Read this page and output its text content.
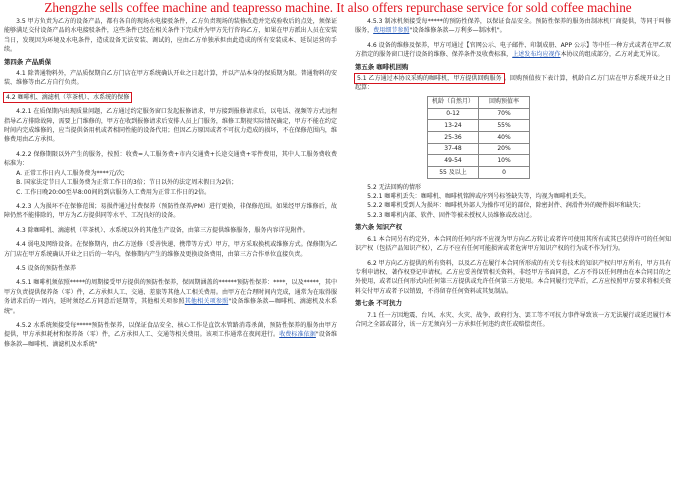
Zhengzhe sells coffee machine and teapresso machine. It also offers repurchase service for sold coffee machine

3.5 甲方负责为乙方的设备产品，都有各自的现场水电接驳条件，乙方负责现场的装修改造并完成验收后的点处，须保证能够满足交付设备产品的水电接驳条件，这些条件已经在相关条件下完成并为甲方先行咨询乙方，如果在甲方派出人员在安装当日，发现因为环境及水电条件，造成设备无法安装、调试的，应由乙方单独承担由此造成的所有安装成本、延误运营的手续。

第四条 产品质保

4.1 除普通物料外，产品质保期自乙方门店在甲方系统确认开业之日起计算，并以产品本身的保质期为限。普通物料的安装、维修等由乙方自行负责。

4.2 咖啡机、滴滤机（萃茶机）、水系统的保修

4.2.1 在质保期内出现质量问题，乙方通过约定服务窗口发起报修请求，甲方接到报修请求后，以电话、视频等方式远程指导乙方排除故障，需要上门维修的，甲方在收到报修请求后安排人员上门服务，维修工期视实际情况确定，甲方不能在约定时间内完成维修的，应当提供备用机或者相同性能的设备代用；但因乙方原因或者不可抗力造成的损坏，不在保修范围内，维修费用由乙方承担。

4.2.2 保修期限以外产生的服务，按照：收费=人工服务费+市内交通费+长途交通费+零件费用，其中人工服务费收费标准为：

A. 正常工作日内人工服务费为****元/次;

B. 国家法定节日人工服务费为正常工作日的3倍；节日以外的法定周末假日为2倍；

C. 工作日晚20:00至早8:00间的到店服务人工费用为正常工作日的2倍。

4.2.3 人为损坏不在保修范围；易损件通过付费保养（预防性保养/PM）进行更换，非保修范围。如果经甲方维修后，故障仍然不能排除的，甲方为乙方提供同等水平、工况良好的设备。

4.3 除咖啡机、滴滤机（萃茶机）、水系统以外的其他生产设备，由第三方提供维修服务，服务内容详见附件。

4.4 弱电及网络设备。在保修期内，由乙方送修（妥善快递、携带等方式）甲方，甲方采取换机或维修方式。保修期为乙方门店在甲方系统确认开业之日后的一年内，保修期内产生的维修及更换设备费用，由第三方合作单位直接负责。

4.5 设备的预防性保养

4.5.1 咖啡机须依照*****的周期接受甲方提供的预防性保养，保固期涵盖的******预防性保养：****，以及*****，其中甲方负责提供保养备（零）件，乙方承担人工、交通、差旅等其他人工相关费用。由甲方在合理时间内完成，通常为在取得服务请求后的一周内，延时须经乙方同意后延期等，其他相关项参照其他相关项参照"设备维修条款—咖啡机、滴滤机及水系统"。

4.5.2 水系统须接受每*****预防性保养，以保证食品安全、核心工作是直饮水管路消毒杀菌，预防性保养的服务由甲方提供，甲方承担耗材和保养备（零）件，乙方承担人工、交通等相关费用。该项工作通常在夜间进行。收费标准依据"设备维修条款—咖啡机、滴滤机及水系统"

4.5.3 制冰机须接受每*****的预防性保养，以保证食品安全。预防性保养的服务由制冰机厂商提供，等同于叫修服务，费用细节参照"设备维修条款—万利多—制冰机"。

4.6 设备的维修及保养，甲方可通过【官网公示、电子邮件、印制成册、APP 公示】等中任一种方式或者在甲乙双方指定的服务窗口进行设备的维修、保养条件及收费标准，上述发布均应视作本协议的组成部分，乙方对此无异议。

第五条 咖啡机回购

5.1 乙方通过本协议采购的咖啡机，甲方提供回购服务 。回购预值按下表计算，机龄自乙方门店在甲方系统开业之日起算：

机龄（自然月）	回购预值率
0-12	70%
13-24	55%
25-36	40%
37-48	20%
49-54	10%
55 及以上	0

5.2 无法回购的情形

5.2.1 咖啡机丢失：咖啡机、咖啡机铭牌或序列号标签缺失等，均视为咖啡机丢失。

5.2.2 咖啡机受到人为损坏：咖啡机外部人为操作可见的部位，除密封件、润滑件外的硬件损坏和缺失；

5.2.3 咖啡机内部、软件、固件等被未授权人员维修或改动过。

第六条 知识产权

6.1 本合同另有约定外，本合同的任何内容不应视为甲方向乙方转让或者许可使用其所有或其已获得许可的任何知识产权（包括产品知识产权），乙方不应有任何可能损害或者危害甲方知识产权的行为或不作为行为。

6.2 甲方向乙方提供的所有资料，以及乙方在履行本合同所形成的有关专有技术的知识产权归甲方所有，甲方具有专利申请权、著作权登记申请权。乙方应妥善保管相关资料，非经甲方书面同意，乙方不得以任何理由在本合同目的之外使用，或者以任何形式向任何第三方提供或允许任何第三方使用。本合同履行完毕后，乙方应按照甲方要求将相关资料交付甲方或者予以销毁，不得留存任何资料或其复制品。

第七条 不可抗力

7.1 任一方因地震、台风、水灾、火灾、战争、政府行为、罢工等不可抗力事件导致该一方无法履行或延迟履行本合同之全部或部分，该一方无须向另一方承担任何违约责任或赔偿责任。
